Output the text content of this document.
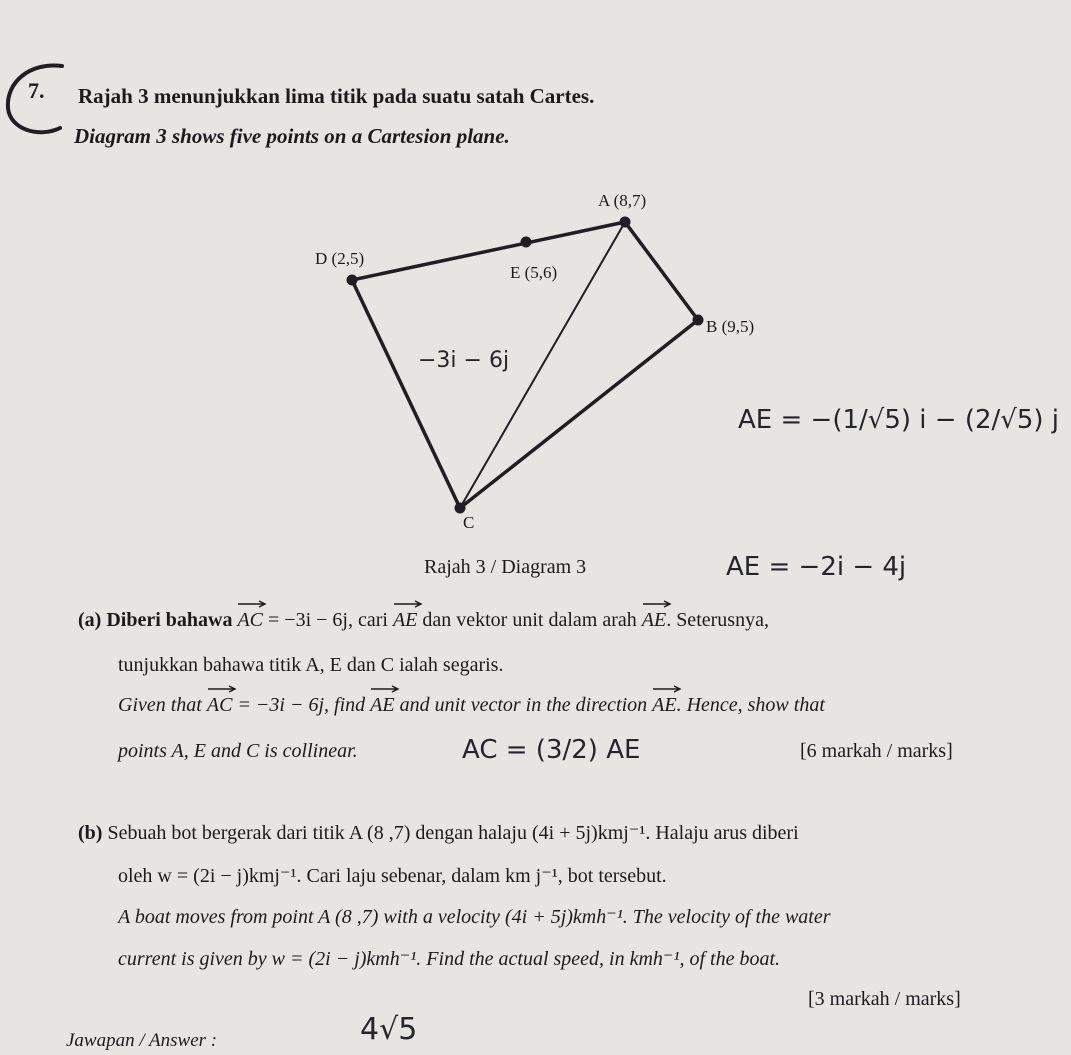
7. Rajah 3 menunjukkan lima titik pada suatu satah Cartes.
Diagram 3 shows five points on a Cartesion plane.
A (8,7)
B (9,5)
C
D (2,5)
E (5,6)
−3i − 6j
AE = −(1/√5) i − (2/√5) j
AE = −2i − 4j
AC = (3/2) AE
4√5
Rajah 3 / Diagram 3
(a) Diberi bahawa AC = −3i − 6j, cari AE dan vektor unit dalam arah AE. Seterusnya,
tunjukkan bahawa titik A, E dan C ialah segaris.
Given that AC = −3i − 6j, find AE and unit vector in the direction AE. Hence, show that
points A, E and C is collinear.	[6 markah / marks]
(b) Sebuah bot bergerak dari titik A (8 ,7) dengan halaju (4i + 5j)kmj⁻¹. Halaju arus diberi
oleh w = (2i − j)kmj⁻¹. Cari laju sebenar, dalam km j⁻¹, bot tersebut.
A boat moves from point A (8 ,7) with a velocity (4i + 5j)kmh⁻¹. The velocity of the water
current is given by w = (2i − j)kmh⁻¹. Find the actual speed, in kmh⁻¹, of the boat.
[3 markah / marks]
Jawapan / Answer :
